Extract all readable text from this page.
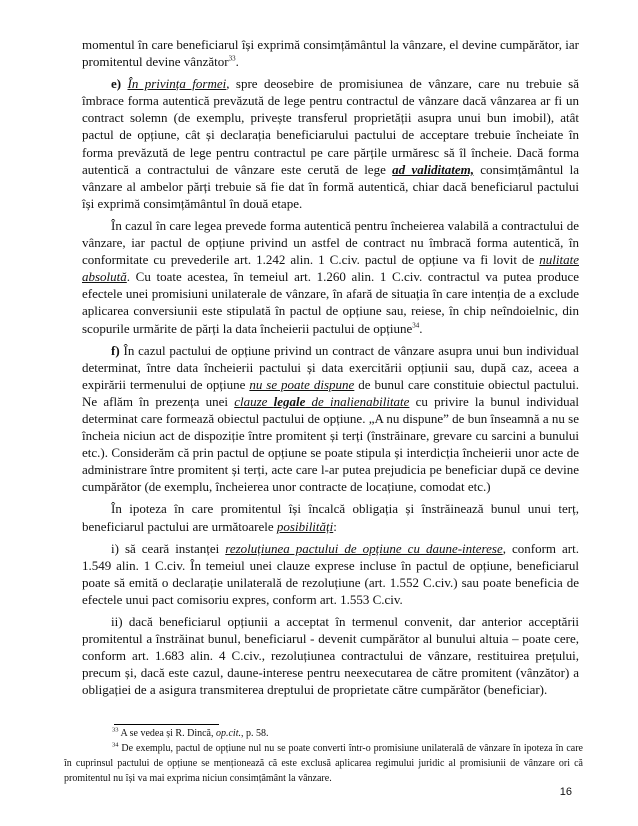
momentul în care beneficiarul își exprimă consimțământul la vânzare, el devine cumpărător, iar promitentul devine vânzător$^{33}$.

e) În privința formei, spre deosebire de promisiunea de vânzare, care nu trebuie să îmbrace forma autentică prevăzută de lege pentru contractul de vânzare dacă vânzarea ar fi un contract solemn (de exemplu, privește transferul proprietății asupra unui bun imobil), atât pactul de opțiune, cât și declarația beneficiarului pactului de acceptare trebuie încheiate în forma prevăzută de lege pentru contractul pe care părțile urmăresc să îl încheie. Dacă forma autentică a contractului de vânzare este cerută de lege ad validitatem, consimțământul la vânzare al ambelor părți trebuie să fie dat în formă autentică, chiar dacă beneficiarul pactului își exprimă consimțământul în două etape.

În cazul în care legea prevede forma autentică pentru încheierea valabilă a contractului de vânzare, iar pactul de opțiune privind un astfel de contract nu îmbracă forma autentică, în conformitate cu prevederile art. 1.242 alin. 1 C.civ. pactul de opțiune va fi lovit de nulitate absolută. Cu toate acestea, în temeiul art. 1.260 alin. 1 C.civ. contractul va putea produce efectele unei promisiuni unilaterale de vânzare, în afară de situația în care intenția de a exclude aplicarea conversiunii este stipulată în pactul de opțiune sau, reiese, în chip neîndoielnic, din scopurile urmărite de părți la data încheierii pactului de opțiune$^{34}$.

f) În cazul pactului de opțiune privind un contract de vânzare asupra unui bun individual determinat, între data încheierii pactului și data exercitării opțiunii sau, după caz, aceea a expirării termenului de opțiune nu se poate dispune de bunul care constituie obiectul pactului. Ne aflăm în prezența unei clauze legale de inalienabilitate cu privire la bunul individual determinat care formează obiectul pactului de opțiune. „A nu dispune” de bun înseamnă a nu se încheia niciun act de dispoziție între promitent și terți (înstrăinare, grevare cu sarcini a bunului etc.). Considerăm că prin pactul de opțiune se poate stipula și interdicția încheierii unor acte de administrare între promitent și terți, acte care l-ar putea prejudicia pe beneficiar după ce devine cumpărător (de exemplu, încheierea unor contracte de locațiune, comodat etc.)

În ipoteza în care promitentul își încalcă obligația și înstrăinează bunul unui terț, beneficiarul pactului are următoarele posibilități:

i) să ceară instanței rezoluțiunea pactului de opțiune cu daune-interese, conform art. 1.549 alin. 1 C.civ. În temeiul unei clauze exprese incluse în pactul de opțiune, beneficiarul poate să emită o declarație unilaterală de rezoluțiune (art. 1.552 C.civ.) sau poate beneficia de efectele unui pact comisoriu expres, conform art. 1.553 C.civ.

ii) dacă beneficiarul opțiunii a acceptat în termenul convenit, dar anterior acceptării promitentul a înstrăinat bunul, beneficiarul - devenit cumpărător al bunului altuia – poate cere, conform art. 1.683 alin. 4 C.civ., rezoluțiunea contractului de vânzare, restituirea prețului, precum și, dacă este cazul, daune-interese pentru neexecutarea de către promitent (vânzător) a obligației de a asigura transmiterea dreptului de proprietate către cumpărător (beneficiar).

$^{33}$ A se vedea și R. Dincă, op.cit., p. 58.

$^{34}$ De exemplu, pactul de opțiune nul nu se poate converti într-o promisiune unilaterală de vânzare în ipoteza în care în cuprinsul pactului de opțiune se menționează că este exclusă aplicarea regimului juridic al promisiunii de vânzare ori că promitentul nu își va mai exprima niciun consimțământ la vânzare.

16
